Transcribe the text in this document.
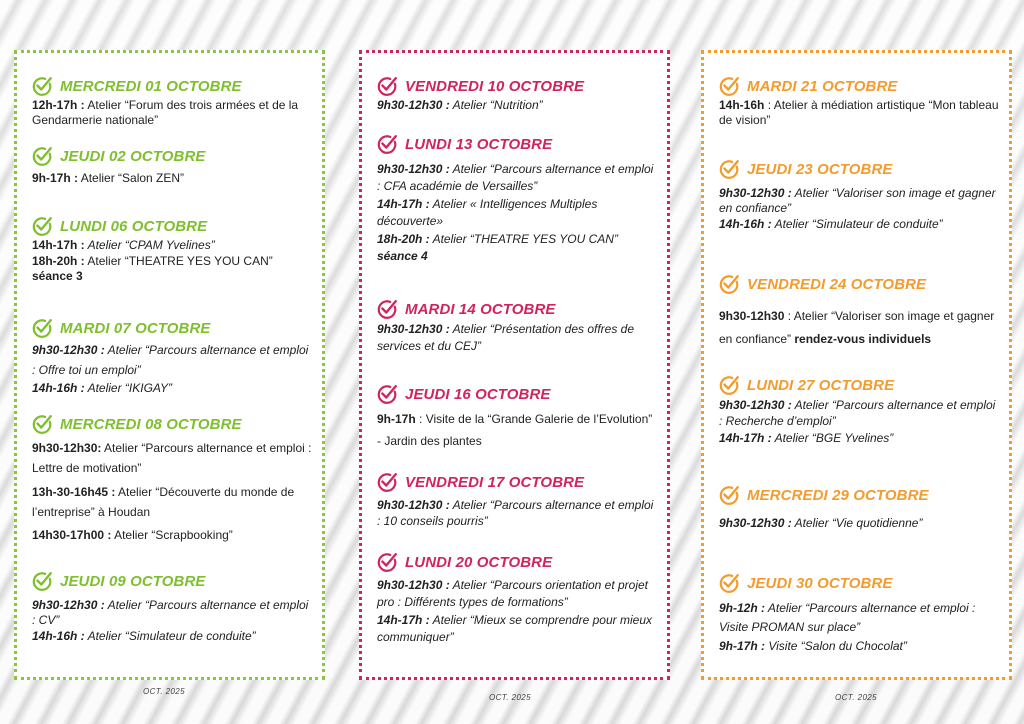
MERCREDI 01 OCTOBRE
12h-17h : Atelier “Forum des trois armées et de la Gendarmerie nationale”
JEUDI 02 OCTOBRE
9h-17h : Atelier “Salon ZEN”
LUNDI 06 OCTOBRE
14h-17h : Atelier “CPAM Yvelines”
18h-20h : Atelier “THEATRE YES YOU CAN”
séance 3
MARDI 07 OCTOBRE
9h30-12h30 : Atelier “Parcours alternance et emploi : Offre toi un emploi”
14h-16h : Atelier “IKIGAY”
MERCREDI 08 OCTOBRE
9h30-12h30: Atelier “Parcours alternance et emploi : Lettre de motivation”
13h-30-16h45 : Atelier “Découverte du monde de l’entreprise” à Houdan
14h30-17h00 : Atelier “Scrapbooking”
JEUDI 09 OCTOBRE
9h30-12h30 : Atelier “Parcours alternance et emploi : CV”
14h-16h : Atelier “Simulateur de conduite”
VENDREDI 10 OCTOBRE
9h30-12h30 : Atelier “Nutrition”
LUNDI 13 OCTOBRE
9h30-12h30 : Atelier “Parcours alternance et emploi : CFA académie de Versailles”
14h-17h : Atelier « Intelligences Multiples découverte»
18h-20h : Atelier “THEATRE YES YOU CAN”
séance 4
MARDI 14 OCTOBRE
9h30-12h30 : Atelier “Présentation des offres de services et du CEJ”
JEUDI 16 OCTOBRE
9h-17h : Visite de la “Grande Galerie de l’Evolution” - Jardin des plantes
VENDREDI 17 OCTOBRE
9h30-12h30 : Atelier “Parcours alternance et emploi : 10 conseils pourris”
LUNDI 20 OCTOBRE
9h30-12h30 : Atelier “Parcours orientation et projet pro : Différents types de formations”
14h-17h : Atelier “Mieux se comprendre pour mieux communiquer”
MARDI 21 OCTOBRE
14h-16h : Atelier à médiation artistique “Mon tableau de vision”
JEUDI 23 OCTOBRE
9h30-12h30 : Atelier “Valoriser son image et gagner en confiance”
14h-16h : Atelier “Simulateur de conduite”
VENDREDI 24 OCTOBRE
9h30-12h30 : Atelier “Valoriser son image et gagner en confiance” rendez-vous individuels
LUNDI 27 OCTOBRE
9h30-12h30 : Atelier “Parcours alternance et emploi : Recherche d’emploi”
14h-17h : Atelier “BGE Yvelines”
MERCREDI 29 OCTOBRE
9h30-12h30 : Atelier “Vie quotidienne”
JEUDI 30 OCTOBRE
9h-12h : Atelier “Parcours alternance et emploi : Visite PROMAN sur place”
9h-17h : Visite “Salon du Chocolat”
OCT. 2025
OCT. 2025	OCT. 2025
